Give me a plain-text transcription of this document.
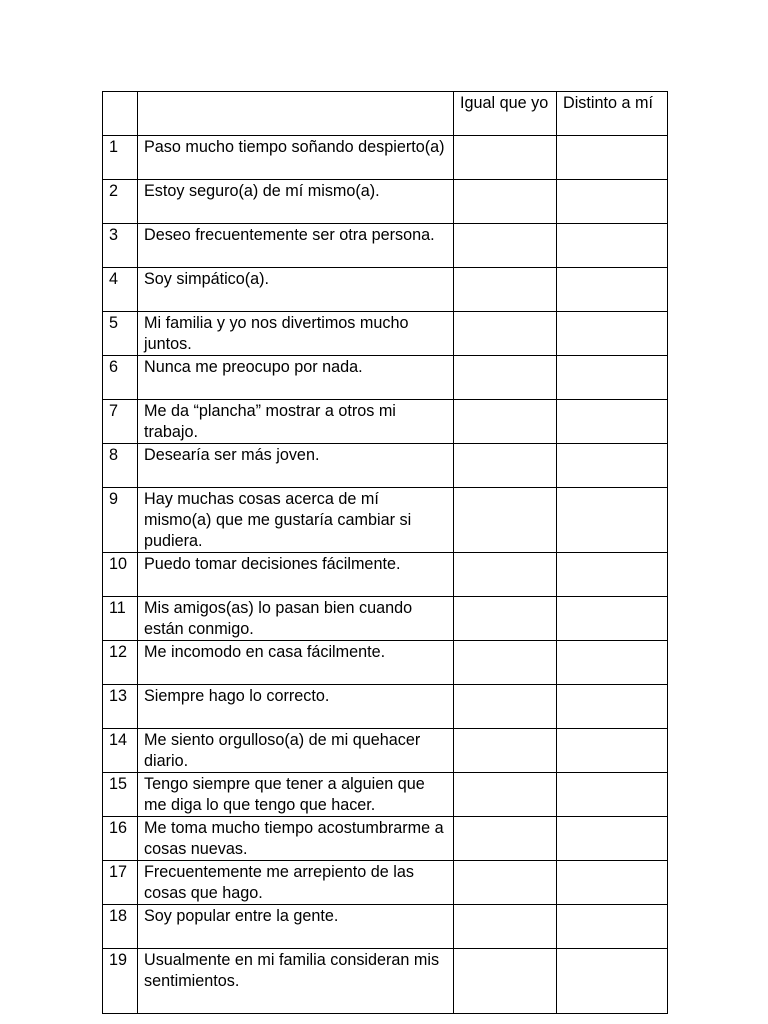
		Igual que yo	Distinto a mí
1	Paso mucho tiempo soñando despierto(a)		
2	Estoy seguro(a) de mí mismo(a).		
3	Deseo frecuentemente ser otra persona.		
4	Soy simpático(a).		
5	Mi familia y yo nos divertimos mucho juntos.		
6	Nunca me preocupo por nada.		
7	Me da “plancha” mostrar a otros mi trabajo.		
8	Desearía ser más joven.		
9	Hay muchas cosas acerca de mí mismo(a) que me gustaría cambiar si pudiera.		
10	Puedo tomar decisiones fácilmente.		
11	Mis amigos(as) lo pasan bien cuando están conmigo.		
12	Me incomodo en casa fácilmente.		
13	Siempre hago lo correcto.		
14	Me siento orgulloso(a) de mi quehacer diario.		
15	Tengo siempre que tener a alguien que me diga lo que tengo que hacer.		
16	Me toma mucho tiempo acostumbrarme a cosas nuevas.		
17	Frecuentemente me arrepiento de las cosas que hago.		
18	Soy popular entre la gente.		
19	Usualmente en mi familia consideran mis sentimientos.		
